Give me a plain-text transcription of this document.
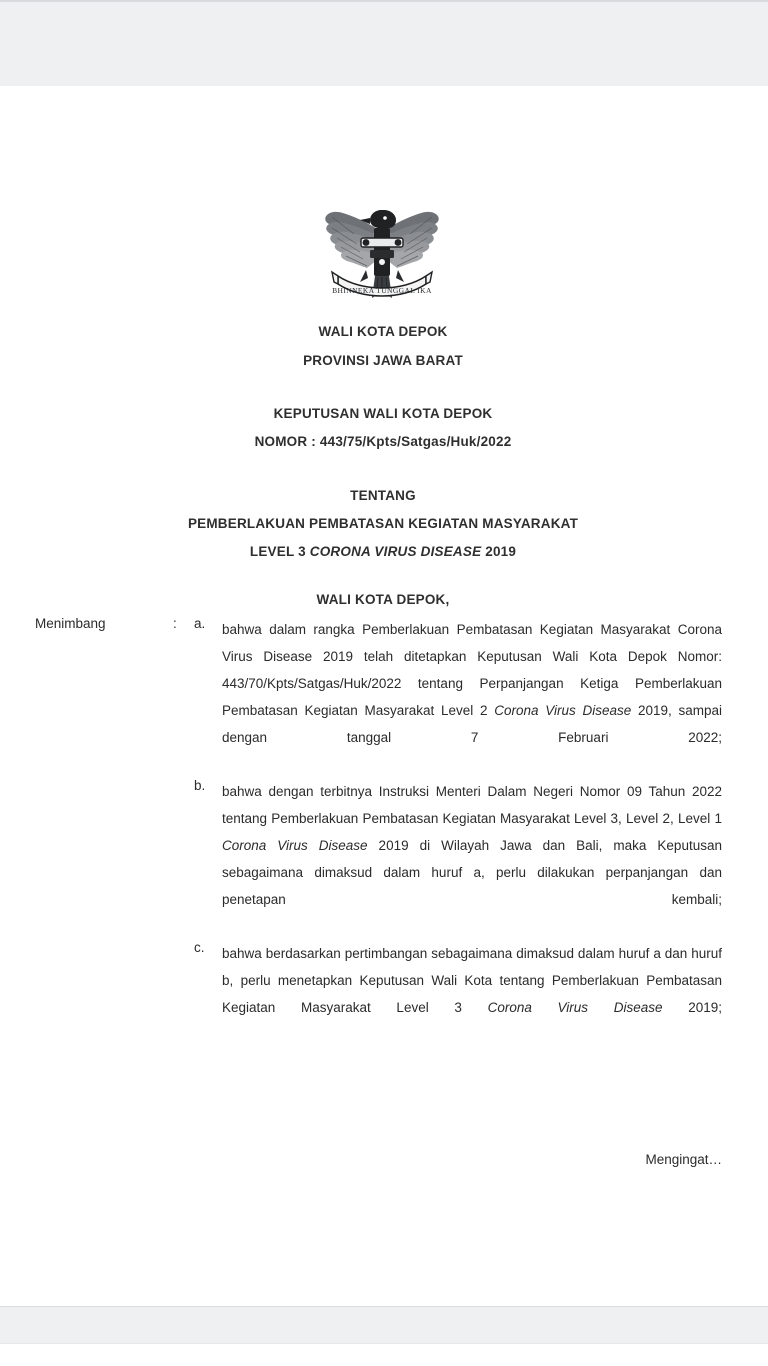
BHINNEKA TUNGGAL IKA
WALI KOTA DEPOK
PROVINSI JAWA BARAT
KEPUTUSAN WALI KOTA DEPOK
NOMOR : 443/75/Kpts/Satgas/Huk/2022
TENTANG
PEMBERLAKUAN PEMBATASAN KEGIATAN MASYARAKAT
LEVEL 3 CORONA VIRUS DISEASE 2019
WALI KOTA DEPOK,
Menimbang	: a. bahwa dalam rangka Pemberlakuan Pembatasan Kegiatan Masyarakat Corona Virus Disease 2019 telah ditetapkan Keputusan Wali Kota Depok Nomor: 443/70/Kpts/Satgas/Huk/2022 tentang Perpanjangan Ketiga Pemberlakuan Pembatasan Kegiatan Masyarakat Level 2 Corona Virus Disease 2019, sampai dengan tanggal 7 Februari 2022;
b. bahwa dengan terbitnya Instruksi Menteri Dalam Negeri Nomor 09 Tahun 2022 tentang Pemberlakuan Pembatasan Kegiatan Masyarakat Level 3, Level 2, Level 1 Corona Virus Disease 2019 di Wilayah Jawa dan Bali, maka Keputusan sebagaimana dimaksud dalam huruf a, perlu dilakukan perpanjangan dan penetapan kembali;
c. bahwa berdasarkan pertimbangan sebagaimana dimaksud dalam huruf a dan huruf b, perlu menetapkan Keputusan Wali Kota tentang Pemberlakuan Pembatasan Kegiatan Masyarakat Level 3 Corona Virus Disease 2019;
Mengingat…
